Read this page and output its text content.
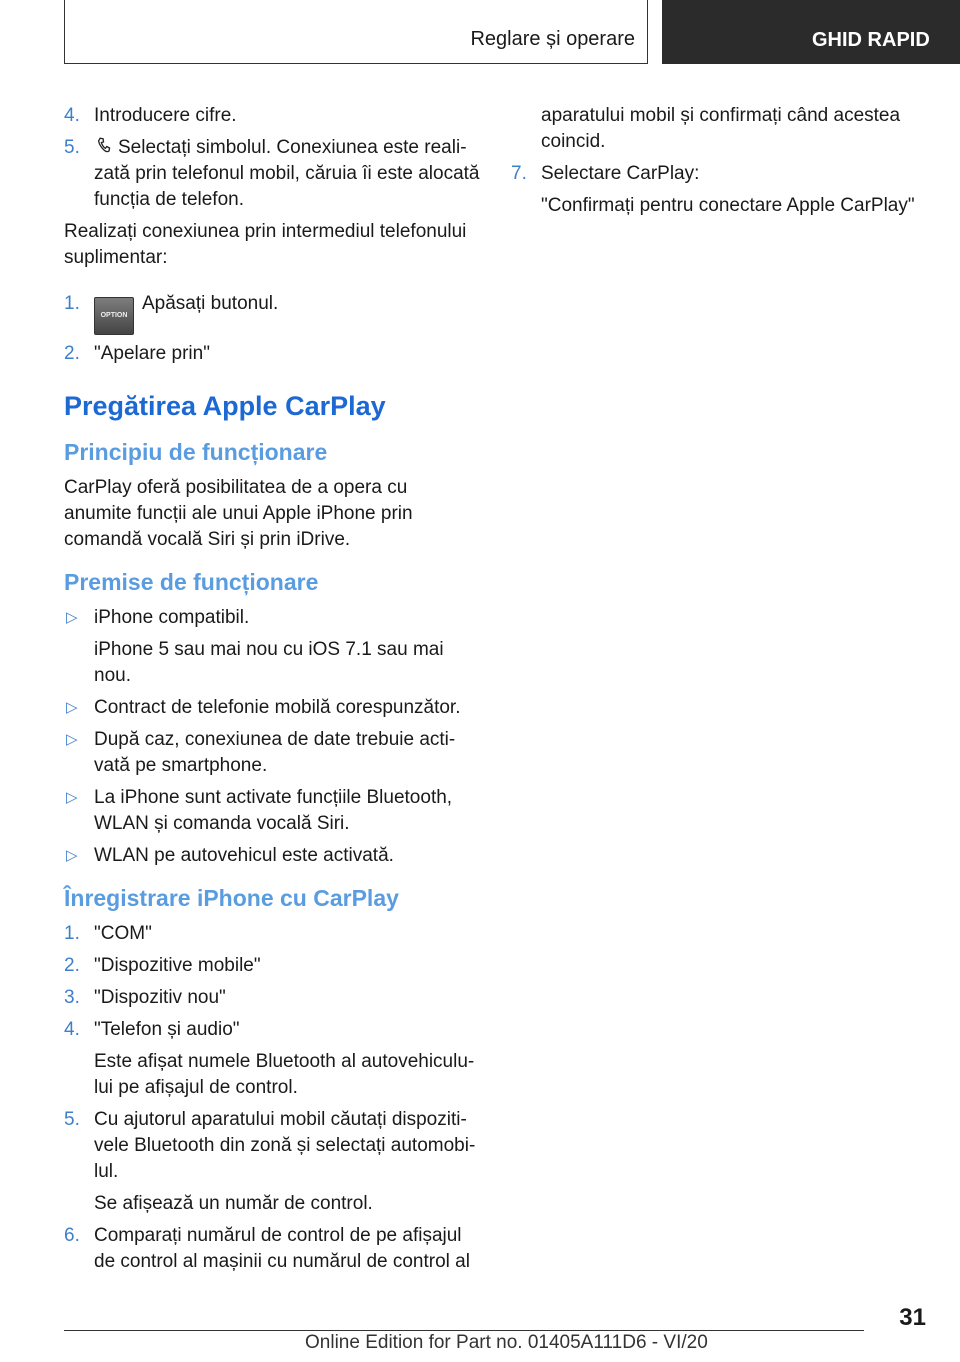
Reglare și operare	GHID RAPID
4. Introducere cifre.
5. Selectați simbolul. Conexiunea este realizată prin telefonul mobil, căruia îi este alocată funcția de telefon.

Realizați conexiunea prin intermediul telefonului suplimentar:

1.
OPTIONApăsați butonul.
2. "Apelare prin"
Pregătirea Apple CarPlay
Principiu de funcționare

CarPlay oferă posibilitatea de a opera cu anumite funcții ale unui Apple iPhone prin comandă vocală Siri și prin iDrive.

Premise de funcționare
▷ iPhone compatibil.
iPhone 5 sau mai nou cu iOS 7.1 sau mai nou.
▷ Contract de telefonie mobilă corespunzător.
▷ După caz, conexiunea de date trebuie activată pe smartphone.
▷ La iPhone sunt activate funcțiile Bluetooth, WLAN și comanda vocală Siri.
▷ WLAN pe autovehicul este activată.
Înregistrare iPhone cu CarPlay
1. "COM"
2. "Dispozitive mobile"
3. "Dispozitiv nou"
4. "Telefon și audio"
Este afișat numele Bluetooth al autovehiculului pe afișajul de control.
5. Cu ajutorul aparatului mobil căutați dispozitivele Bluetooth din zonă și selectați automobilul.
Se afișează un număr de control.
6. Comparați numărul de control de pe afișajul de control al mașinii cu numărul de control al
aparatului mobil și confirmați când acestea coincid.
7. Selectare CarPlay:
"Confirmați pentru conectare Apple CarPlay"
31
Online Edition for Part no. 01405A111D6 - VI/20
